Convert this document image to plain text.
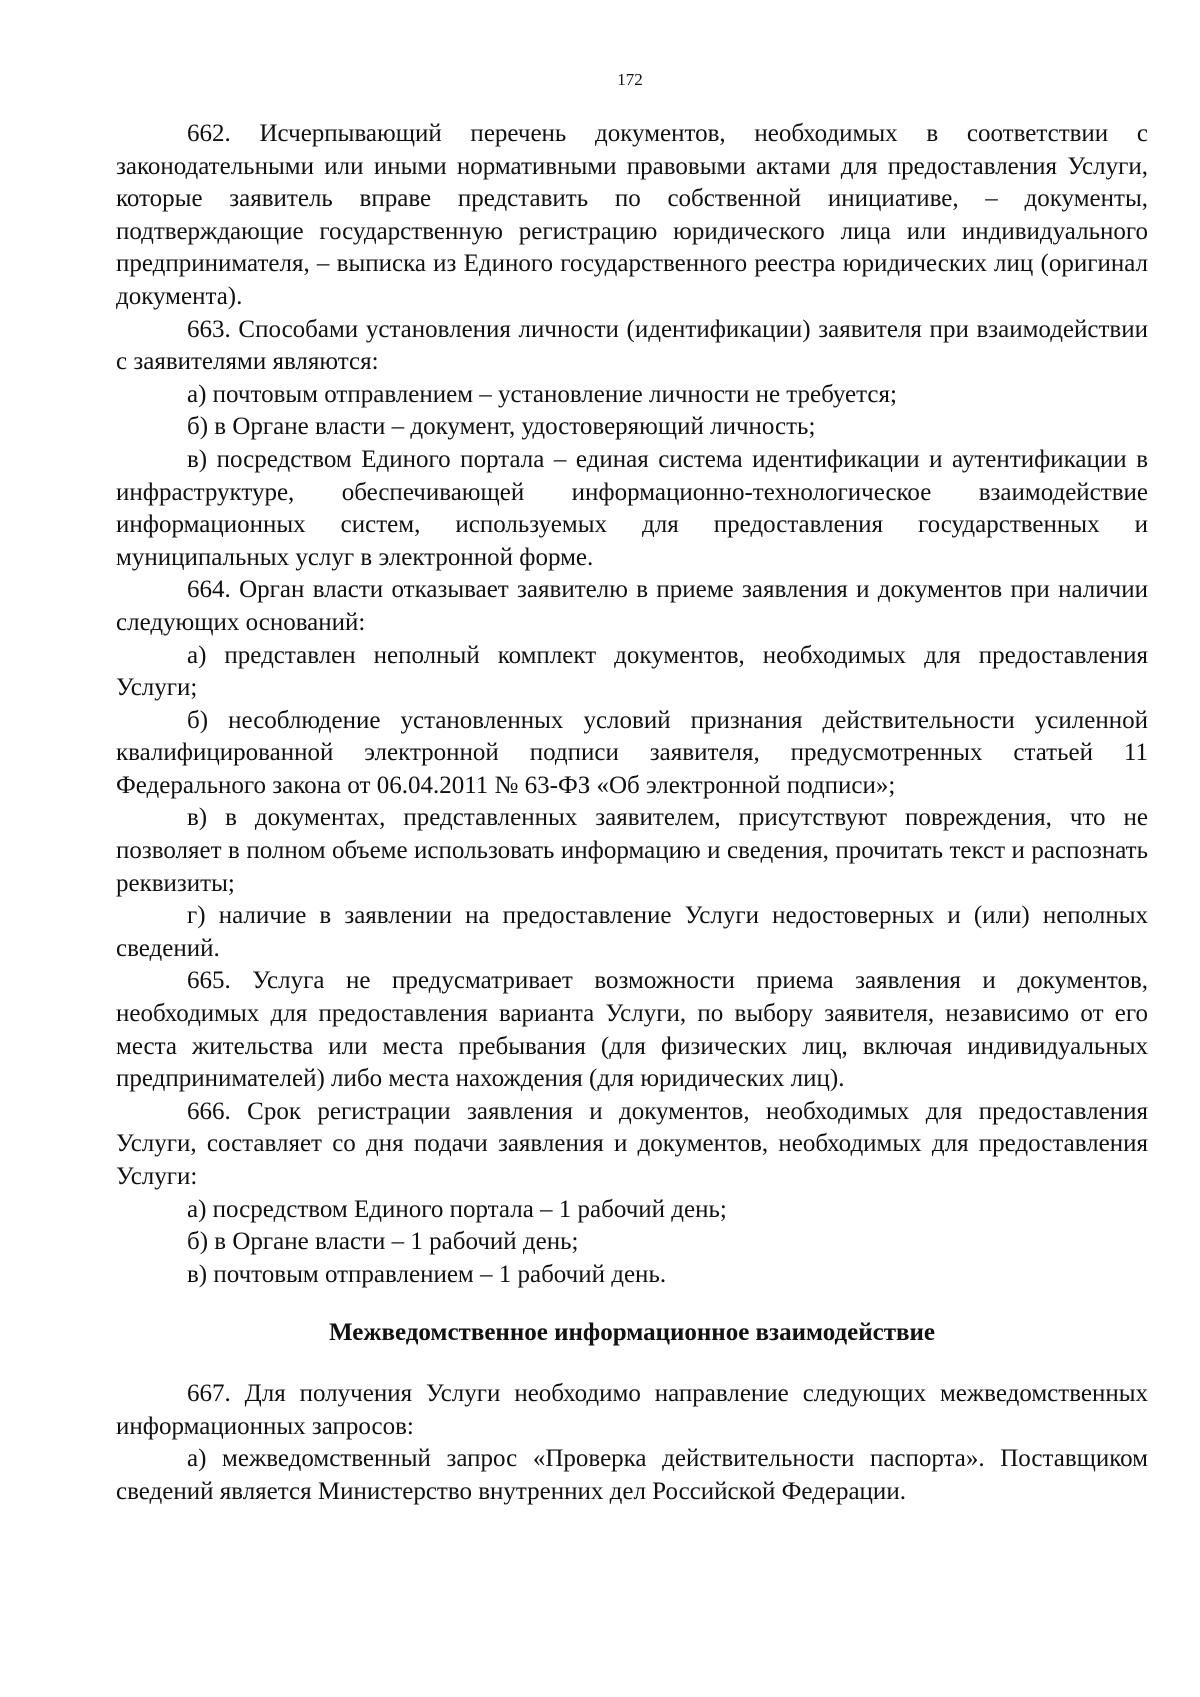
172

662. Исчерпывающий перечень документов, необходимых в соответствии с законодательными или иными нормативными правовыми актами для предоставления Услуги, которые заявитель вправе представить по собственной инициативе, – документы, подтверждающие государственную регистрацию юридического лица или индивидуального предпринимателя, – выписка из Единого государственного реестра юридических лиц (оригинал документа).

663. Способами установления личности (идентификации) заявителя при взаимодействии с заявителями являются:

а) почтовым отправлением – установление личности не требуется;

б) в Органе власти – документ, удостоверяющий личность;

в) посредством Единого портала – единая система идентификации и аутентификации в инфраструктуре, обеспечивающей информационно-технологическое взаимодействие информационных систем, используемых для предоставления государственных и муниципальных услуг в электронной форме.

664. Орган власти отказывает заявителю в приеме заявления и документов при наличии следующих оснований:

а) представлен неполный комплект документов, необходимых для предоставления Услуги;

б) несоблюдение установленных условий признания действительности усиленной квалифицированной электронной подписи заявителя, предусмотренных статьей 11 Федерального закона от 06.04.2011 № 63-ФЗ «Об электронной подписи»;

в) в документах, представленных заявителем, присутствуют повреждения, что не позволяет в полном объеме использовать информацию и сведения, прочитать текст и распознать реквизиты;

г) наличие в заявлении на предоставление Услуги недостоверных и (или) неполных сведений.

665. Услуга не предусматривает возможности приема заявления и документов, необходимых для предоставления варианта Услуги, по выбору заявителя, независимо от его места жительства или места пребывания (для физических лиц, включая индивидуальных предпринимателей) либо места нахождения (для юридических лиц).

666. Срок регистрации заявления и документов, необходимых для предоставления Услуги, составляет со дня подачи заявления и документов, необходимых для предоставления Услуги:

а) посредством Единого портала – 1 рабочий день;

б) в Органе власти – 1 рабочий день;

в) почтовым отправлением – 1 рабочий день.

Межведомственное информационное взаимодействие

667. Для получения Услуги необходимо направление следующих межведомственных информационных запросов:

а) межведомственный запрос «Проверка действительности паспорта». Поставщиком сведений является Министерство внутренних дел Российской Федерации.
